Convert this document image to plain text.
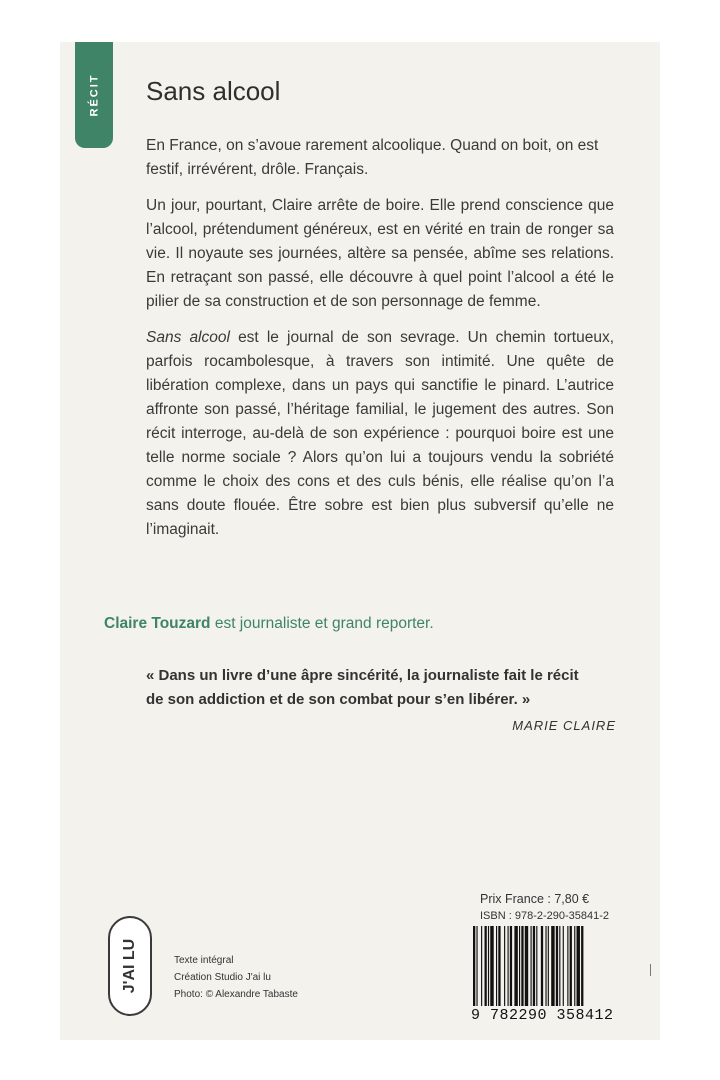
RÉCIT Sans alcool

En France, on s’avoue rarement alcoolique. Quand on boit, on est festif, irrévérent, drôle. Français.

Un jour, pourtant, Claire arrête de boire. Elle prend conscience que l’alcool, prétendument généreux, est en vérité en train de ronger sa vie. Il noyaute ses journées, altère sa pensée, abîme ses relations. En retraçant son passé, elle découvre à quel point l’alcool a été le pilier de sa construction et de son personnage de femme.

Sans alcool est le journal de son sevrage. Un chemin tortueux, parfois rocambolesque, à travers son intimité. Une quête de libération complexe, dans un pays qui sanctifie le pinard. L’autrice affronte son passé, l’héritage familial, le jugement des autres. Son récit interroge, au-delà de son expérience : pourquoi boire est une telle norme sociale ? Alors qu’on lui a toujours vendu la sobriété comme le choix des cons et des culs bénis, elle réalise qu’on l’a sans doute flouée. Être sobre est bien plus subversif qu’elle ne l’imaginait.

Claire Touzard est journaliste et grand reporter.

« Dans un livre d’une âpre sincérité, la journaliste fait le récit

de son addiction et de son combat pour s’en libérer. »

MARIE CLAIRE

Prix France : 7,80 €

ISBN : 978-2-290-35841-2

9 782290 358412

J'AI LU	Texte intégral

Création Studio J'ai lu

Photo: © Alexandre Tabaste
